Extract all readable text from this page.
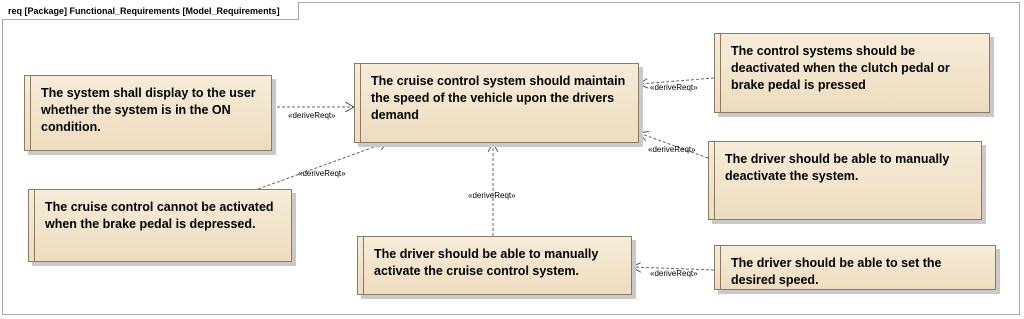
req [Package] Functional_Requirements [Model_Requirements]
«deriveReqt»
«deriveReqt»
«deriveReqt»
«deriveReqt»
«deriveReqt»
«deriveReqt»
The system shall display to the user whether the system is in the ON condition.
The cruise control system should maintain the speed of the vehicle upon the drivers demand
The control systems should be deactivated when the clutch pedal or brake pedal is pressed
The cruise control cannot be activated when the brake pedal is depressed.
The driver should be able to manually deactivate the system.
The driver should be able to manually activate the cruise control system.
The driver should be able to set the desired speed.
